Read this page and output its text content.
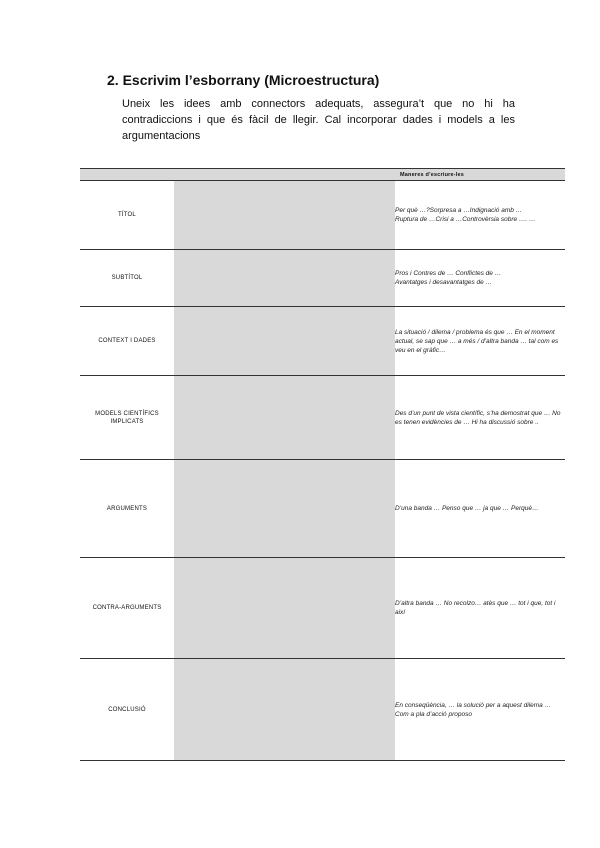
2. Escrivim l’esborrany (Microestructura)

Uneix les idees amb connectors adequats, assegura’t que no hi ha contradiccions i que és fàcil de llegir. Cal incorporar dades i models a les argumentacions

		Maneres d’escriure-les
TÍTOL		Per què …?Sorpresa a …Indignació amb …

Ruptura de …Crisi a …Controvèrsia sobre …. …

SUBTÍTOL		Pros i Contres de … Conflictes de …

Avantatges i desavantatges de …

CONTEXT I DADES		La situació / dilema / problema és que … En el moment actual, se sap que … a més / d’altra banda … tal com es veu en el gràfic…

MODELS CIENTÍFICS IMPLICATS		Des d’un punt de vista científic, s’ha demostrat que … No es tenen evidències de … Hi ha discussió sobre ..

ARGUMENTS		D’una banda … Penso que … ja que … Perquè…

CONTRA-ARGUMENTS		D’altra banda … No recolzo… atès que … tot i que, tot i així

CONCLUSIÓ		En conseqüència, … la solució per a aquest dilema … Com a pla d’acció proposo
